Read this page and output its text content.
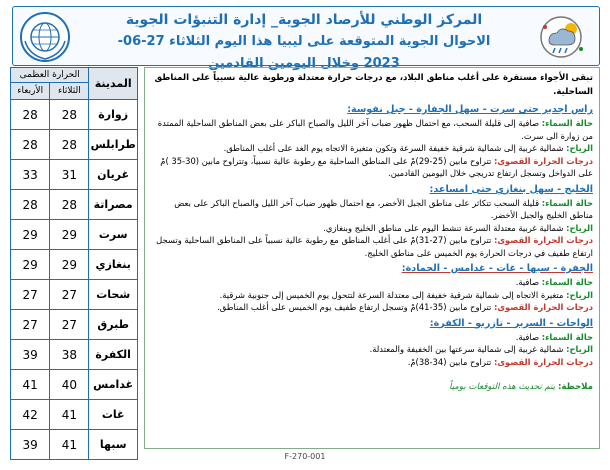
المركز الوطني للأرصاد الجوية_ إدارة التنبؤات الجوية
الاحوال الجوية المتوقعة على ليبيا هذا اليوم الثلاثاء 27-06- 2023 وخلال اليومين القادمين
المدينة	الحرارة العظمى	
	الثلاثاء	الأربعاء
زوارة	28	28
طرابلس	28	28
غريان	31	33
مصراتة	28	28
سرت	29	29
بنغازي	29	29
شحات	27	27
طبرق	27	27
الكفرة	38	39
غدامس	40	41
غات	41	42
سبها	41	39
تبقى الأجواء مستقرة على أغلب مناطق البلاد، مع درجات حرارة معتدلة ورطوبة عالية نسبياً على المناطق الساحلية.
راس اجدير حتى سرت - سهل الجفارة - جبل نفوسة:
حالة السماء: صافية إلى قليلة السحب، مع احتمال ظهور ضباب آخر الليل والصباح الباكر على بعض المناطق الساحلية الممتدة من زوارة الى سرت.
الرياح: شمالية غربية إلى شمالية شرقية خفيفة السرعة وتكون متغيرة الاتجاه يوم الغد على أغلب المناطق.
درجات الحرارة القصوى: تتراوح مابين (25-29)مْ على المناطق الساحلية مع رطوبة عالية نسبياً، وتتراوح مابين (30-35 )مْ على الدواخل وتسجل ارتفاع تدريجي خلال اليومين القادمين.
الخليج - سهل بنغازي حتى امساعد:
حالة السماء: قليلة السحب تتكاثر على مناطق الجبل الأخضر، مع احتمال ظهور ضباب آخر الليل والصباح الباكر على بعض مناطق الخليج والجبل الأخضر.
الرياح: شمالية غربية معتدلة السرعة تنشط اليوم على مناطق الخليج وبنغازي.
درجات الحرارة القصوى: تتراوح مابين (27-31)مْ على أغلب المناطق مع رطوبة عالية نسبياً على المناطق الساحلية وتسجل ارتفاع طفيف في درجات الحرارة يوم الخميس على مناطق الخليج.
الجفرة - سبها - غات - غدامس - الحمادة:
حالة السماء: صافية.
الرياح: متغيرة الاتجاه إلى شمالية شرقية خفيفة إلى معتدلة السرعة لتتحول يوم الخميس إلى جنوبية شرقية.
درجات الحرارة القصوى: تتراوح مابين (35-41)مْ وتسجل ارتفاع طفيف يوم الخميس على أغلب المناطق.
الواحات - السرير - تازربو - الكفرة:
حالة السماء: صافية.
الرياح: شمالية غربية إلى شمالية سرعتها بين الخفيفة والمعتدلة.
درجات الحرارة القصوى: تتراوح مابين (34-38)مْ.
ملاحظة: يتم تحديث هذه التوقعات يومياً
F-270-001
